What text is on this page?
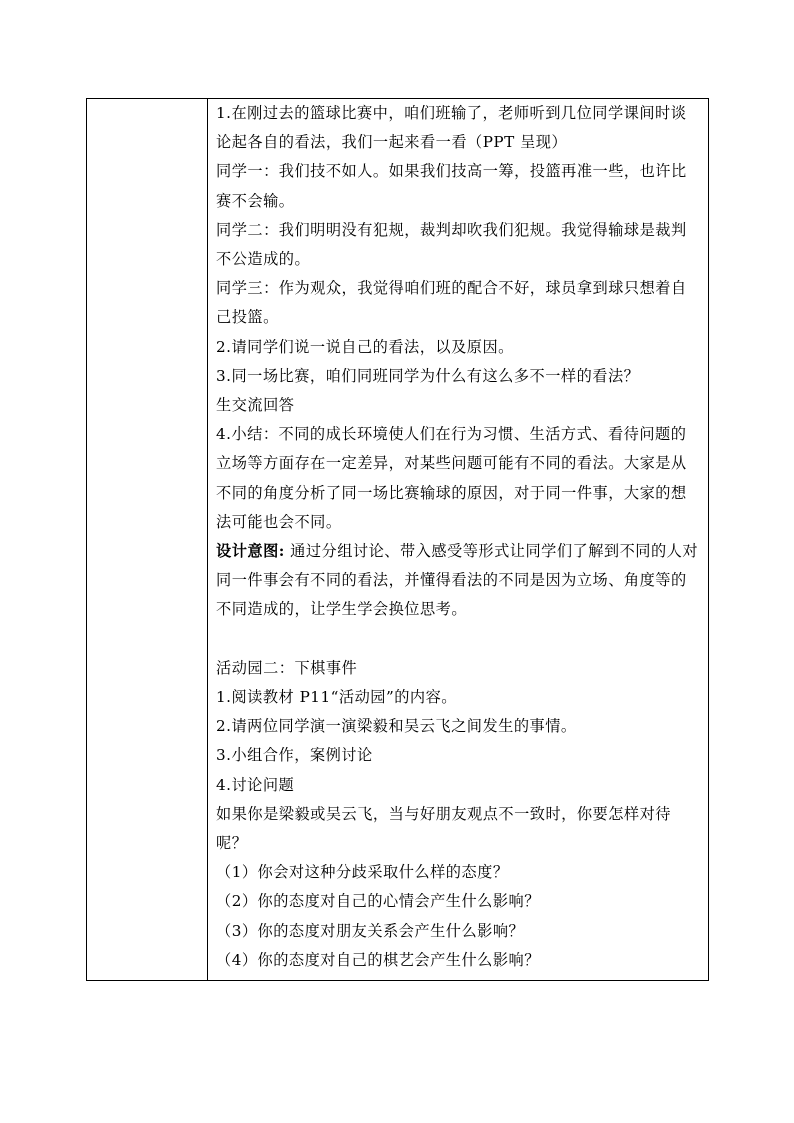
1.在刚过去的篮球比赛中，咱们班输了，老师听到几位同学课间时谈论起各自的看法，我们一起来看一看（PPT 呈现）

同学一：我们技不如人。如果我们技高一筹，投篮再准一些，也许比赛不会输。

同学二：我们明明没有犯规，裁判却吹我们犯规。我觉得输球是裁判不公造成的。

同学三：作为观众，我觉得咱们班的配合不好，球员拿到球只想着自己投篮。

2.请同学们说一说自己的看法，以及原因。

3.同一场比赛，咱们同班同学为什么有这么多不一样的看法？

生交流回答

4.小结：不同的成长环境使人们在行为习惯、生活方式、看待问题的立场等方面存在一定差异，对某些问题可能有不同的看法。大家是从不同的角度分析了同一场比赛输球的原因，对于同一件事，大家的想法可能也会不同。

设计意图: 通过分组讨论、带入感受等形式让同学们了解到不同的人对同一件事会有不同的看法，并懂得看法的不同是因为立场、角度等的不同造成的，让学生学会换位思考。

活动园二：下棋事件

1.阅读教材 P11“活动园”的内容。

2.请两位同学演一演梁毅和吴云飞之间发生的事情。

3.小组合作，案例讨论

4.讨论问题

如果你是梁毅或吴云飞，当与好朋友观点不一致时，你要怎样对待呢？

（1）你会对这种分歧采取什么样的态度？

（2）你的态度对自己的心情会产生什么影响？

（3）你的态度对朋友关系会产生什么影响？

（4）你的态度对自己的棋艺会产生什么影响？
